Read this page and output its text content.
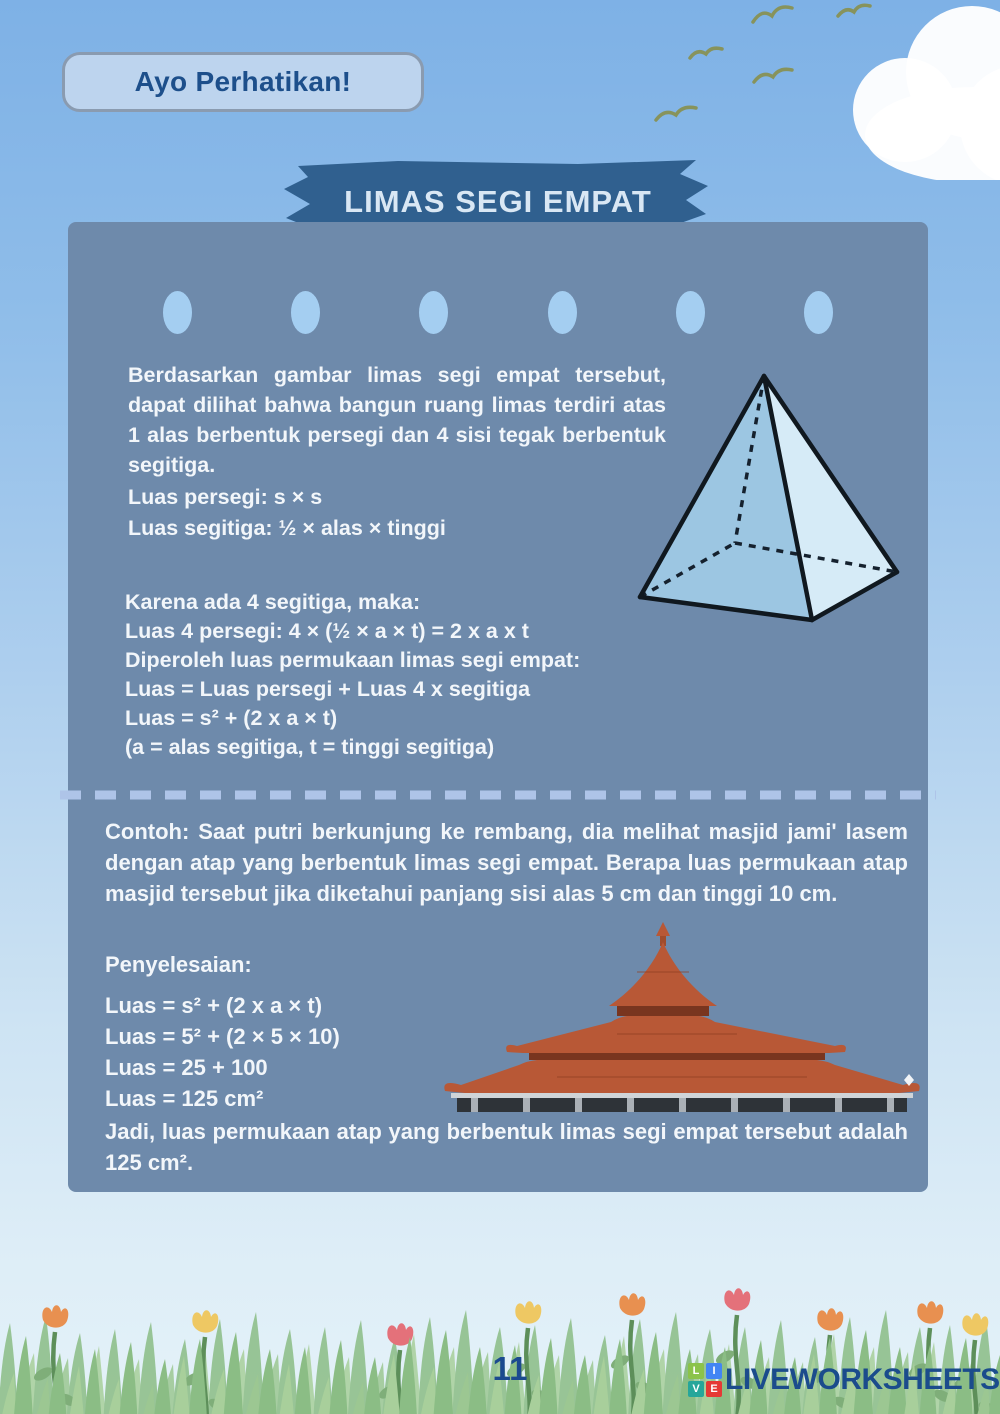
Ayo Perhatikan!
LIMAS SEGI EMPAT
Berdasarkan gambar limas segi empat tersebut, dapat dilihat bahwa bangun ruang limas terdiri atas 1 alas berbentuk persegi dan 4 sisi tegak berbentuk segitiga.
Luas persegi: s × s
Luas segitiga: ½ × alas × tinggi
Karena ada 4 segitiga, maka:
Luas 4 persegi: 4 × (½ × a × t) = 2 x a x t
Diperoleh luas permukaan limas segi empat:
Luas = Luas persegi + Luas 4 x segitiga
Luas = s² + (2 x a × t)
(a = alas segitiga, t = tinggi segitiga)
Contoh: Saat putri berkunjung ke rembang, dia melihat masjid jami' lasem dengan atap yang berbentuk limas segi empat. Berapa luas permukaan atap masjid tersebut jika diketahui panjang sisi alas 5 cm dan tinggi 10 cm.
Penyelesaian:
Luas = s² + (2 x a × t)
Luas = 5² + (2 × 5 × 10)
Luas = 25 + 100
Luas = 125 cm²
Jadi, luas permukaan atap yang berbentuk limas segi empat tersebut adalah 125 cm².
11	L	I
V E LIVEWORKSHEETS
